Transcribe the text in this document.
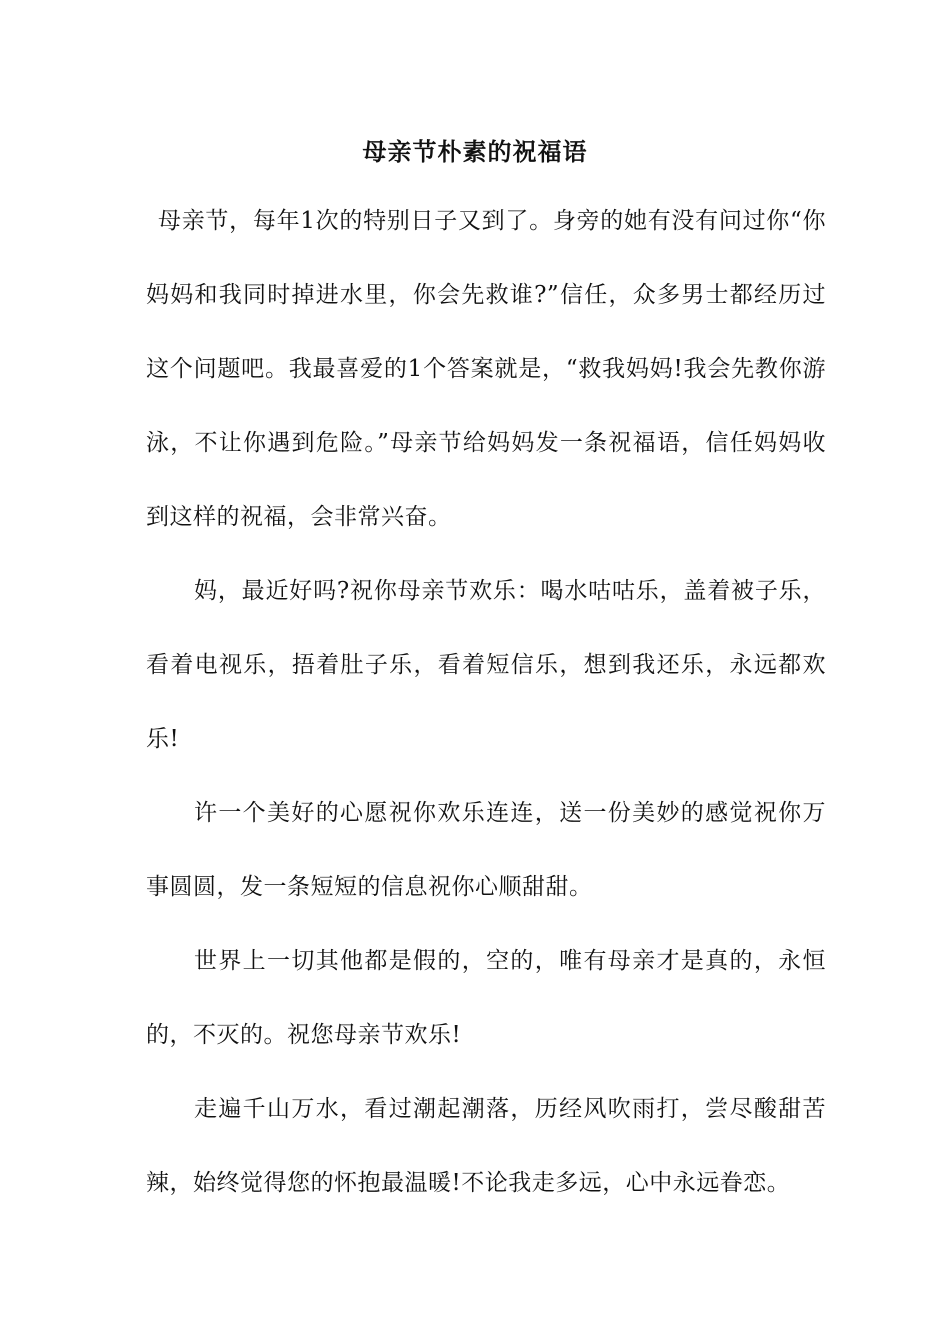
母亲节朴素的祝福语

母亲节，每年1次的特别日子又到了。身旁的她有没有问过你“你妈妈和我同时掉进水里，你会先救谁?”信任，众多男士都经历过这个问题吧。我最喜爱的1个答案就是，“救我妈妈!我会先教你游泳，不让你遇到危险。”母亲节给妈妈发一条祝福语，信任妈妈收到这样的祝福，会非常兴奋。

妈，最近好吗?祝你母亲节欢乐：喝水咕咕乐，盖着被子乐，看着电视乐，捂着肚子乐，看着短信乐，想到我还乐，永远都欢乐!

许一个美好的心愿祝你欢乐连连，送一份美妙的感觉祝你万事圆圆，发一条短短的信息祝你心顺甜甜。

世界上一切其他都是假的，空的，唯有母亲才是真的，永恒的，不灭的。祝您母亲节欢乐!

走遍千山万水，看过潮起潮落，历经风吹雨打，尝尽酸甜苦辣，始终觉得您的怀抱最温暖!不论我走多远，心中永远眷恋。
